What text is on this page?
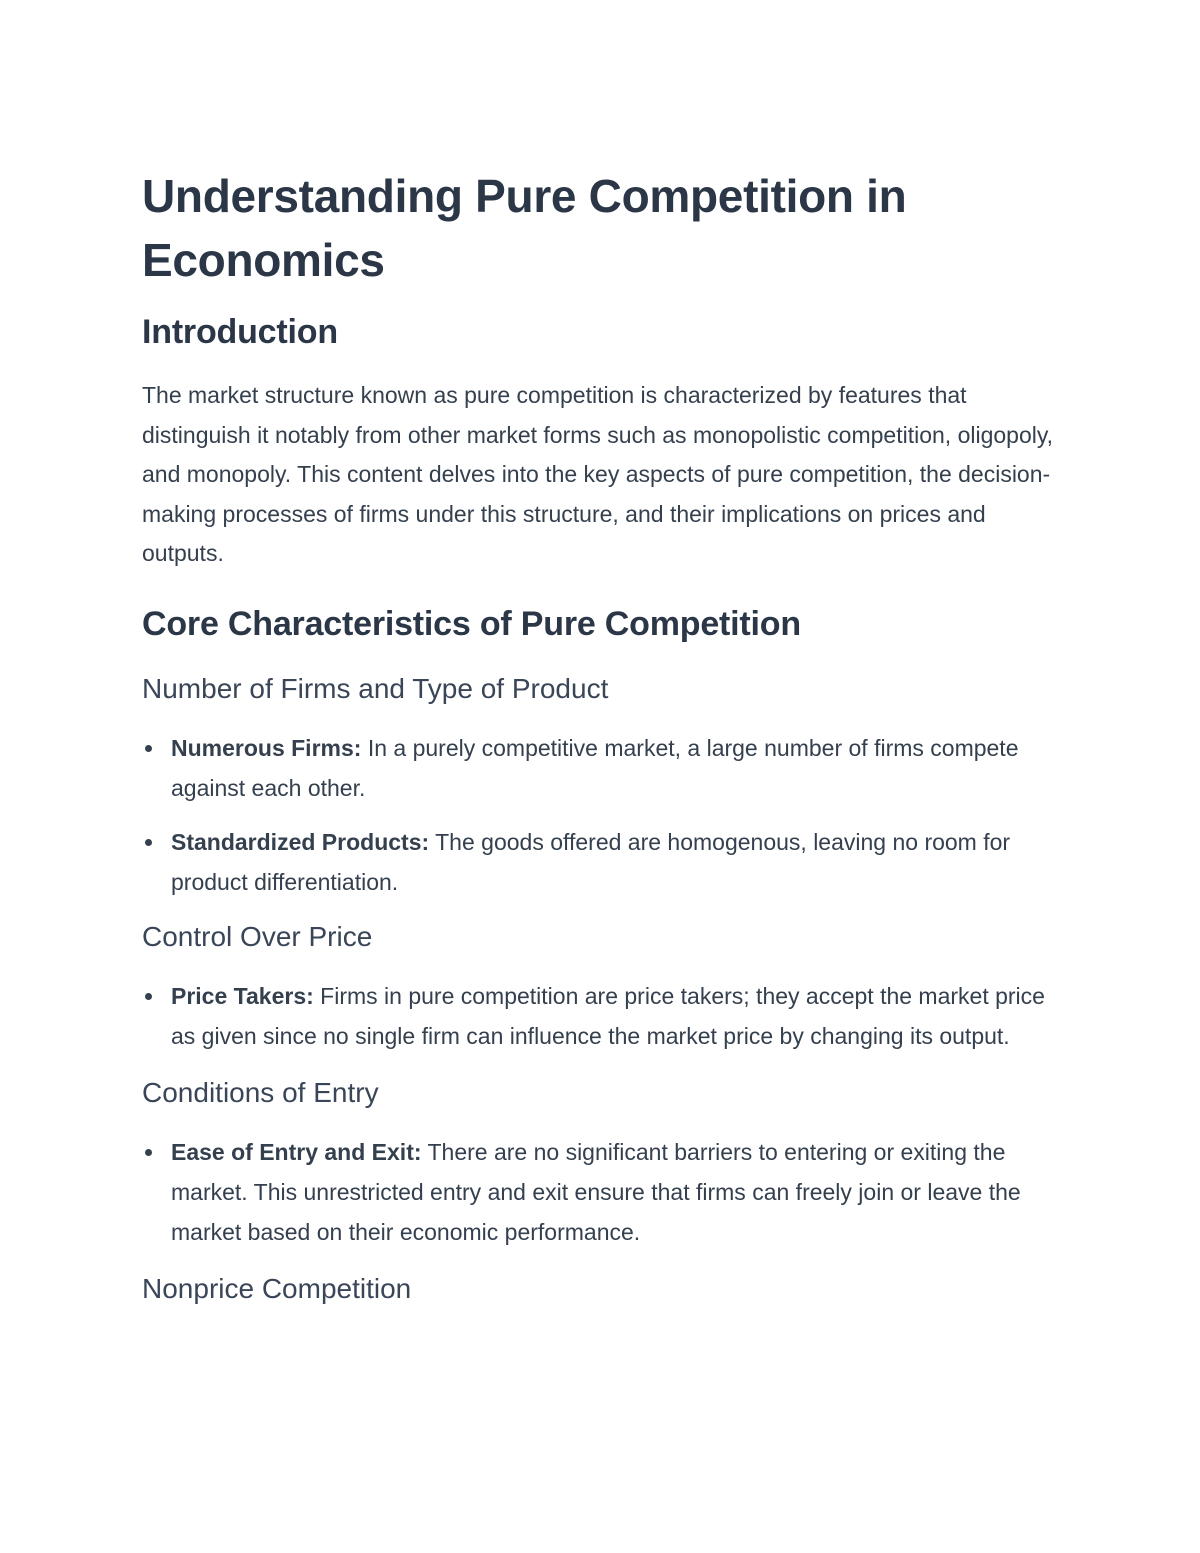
Understanding Pure Competition in Economics
Introduction

The market structure known as pure competition is characterized by features that distinguish it notably from other market forms such as monopolistic competition, oligopoly, and monopoly. This content delves into the key aspects of pure competition, the decision-making processes of firms under this structure, and their implications on prices and outputs.

Core Characteristics of Pure Competition
Number of Firms and Type of Product
Numerous Firms: In a purely competitive market, a large number of firms compete against each other.
Standardized Products: The goods offered are homogenous, leaving no room for product differentiation.
Control Over Price
Price Takers: Firms in pure competition are price takers; they accept the market price as given since no single firm can influence the market price by changing its output.
Conditions of Entry
Ease of Entry and Exit: There are no significant barriers to entering or exiting the market. This unrestricted entry and exit ensure that firms can freely join or leave the market based on their economic performance.
Nonprice Competition
